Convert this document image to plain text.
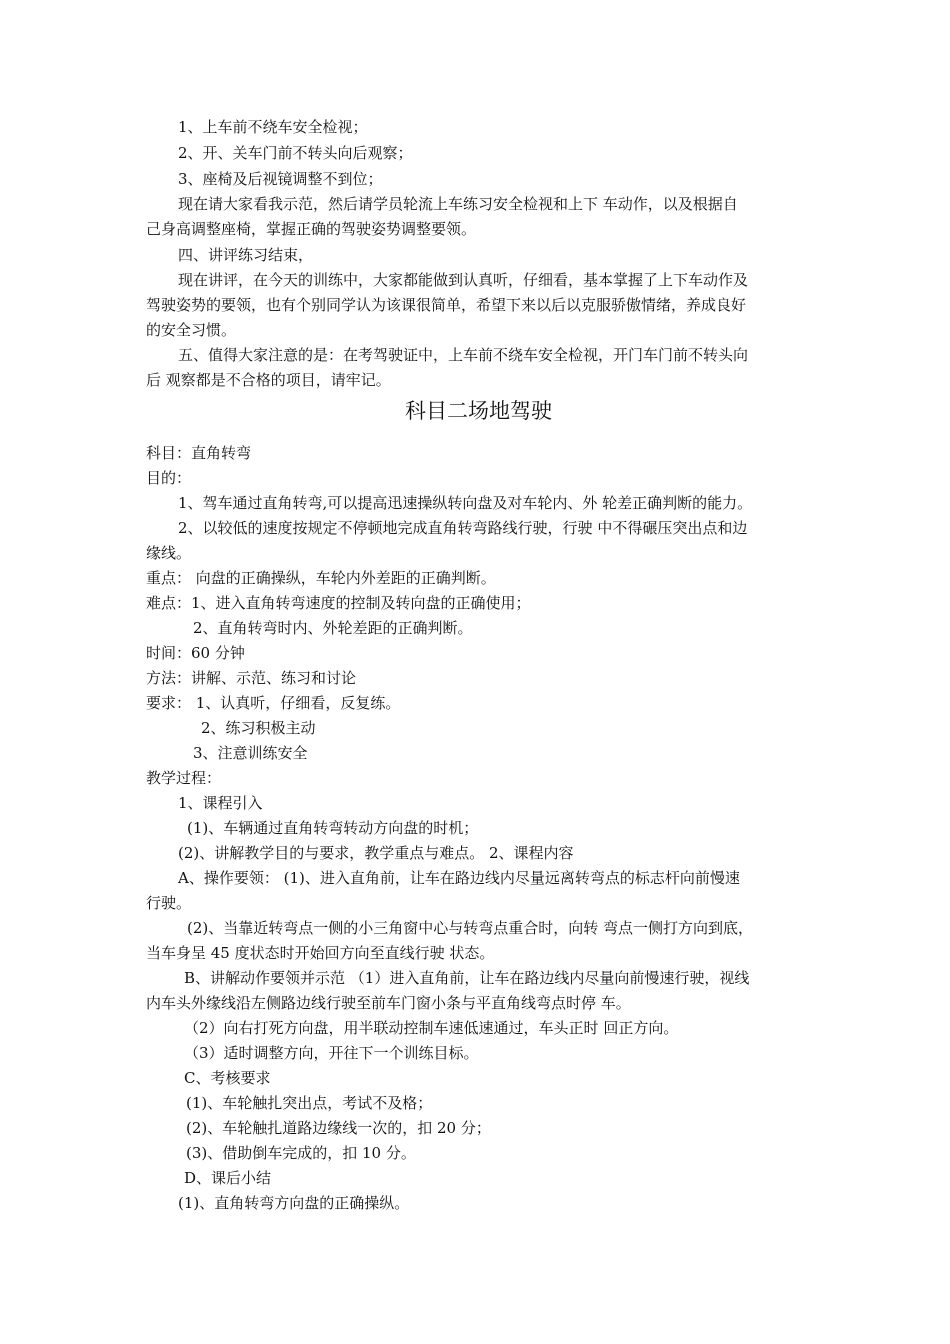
1、上车前不绕车安全检视；
2、开、关车门前不转头向后观察；
3、座椅及后视镜调整不到位；
现在请大家看我示范，然后请学员轮流上车练习安全检视和上下 车动作，以及根据自
己身高调整座椅，掌握正确的驾驶姿势调整要领。
四、讲评练习结束，
现在讲评，在今天的训练中，大家都能做到认真听，仔细看，基本掌握了上下车动作及
驾驶姿势的要领，也有个别同学认为该课很简单，希望下来以后以克服骄傲情绪，养成良好
的安全习惯。
五、值得大家注意的是：在考驾驶证中，上车前不绕车安全检视，开门车门前不转头向
后 观察都是不合格的项目，请牢记。
科目二场地驾驶
科目：直角转弯
目的：
1、驾车通过直角转弯,可以提高迅速操纵转向盘及对车轮内、外 轮差正确判断的能力。
2、以较低的速度按规定不停顿地完成直角转弯路线行驶，行驶 中不得碾压突出点和边
缘线。
重点： 向盘的正确操纵，车轮内外差距的正确判断。
难点：1、进入直角转弯速度的控制及转向盘的正确使用；
2、直角转弯时内、外轮差距的正确判断。
时间：60 分钟
方法：讲解、示范、练习和讨论
要求： 1、认真听，仔细看，反复练。
2、练习积极主动
3、注意训练安全
教学过程：
1、课程引入
(1)、车辆通过直角转弯转动方向盘的时机；
(2)、讲解教学目的与要求，教学重点与难点。 2、课程内容
A、操作要领： (1)、进入直角前，让车在路边线内尽量远离转弯点的标志杆向前慢速
行驶。
(2)、当靠近转弯点一侧的小三角窗中心与转弯点重合时，向转 弯点一侧打方向到底，
当车身呈 45 度状态时开始回方向至直线行驶 状态。
B、讲解动作要领并示范 （1）进入直角前，让车在路边线内尽量向前慢速行驶，视线
内车头外缘线沿左侧路边线行驶至前车门窗小条与平直角线弯点时停 车。
（2）向右打死方向盘，用半联动控制车速低速通过，车头正时 回正方向。
（3）适时调整方向，开往下一个训练目标。
C、考核要求
(1)、车轮触扎突出点，考试不及格；
(2)、车轮触扎道路边缘线一次的，扣 20 分；
(3)、借助倒车完成的，扣 10 分。
D、课后小结
(1)、直角转弯方向盘的正确操纵。
